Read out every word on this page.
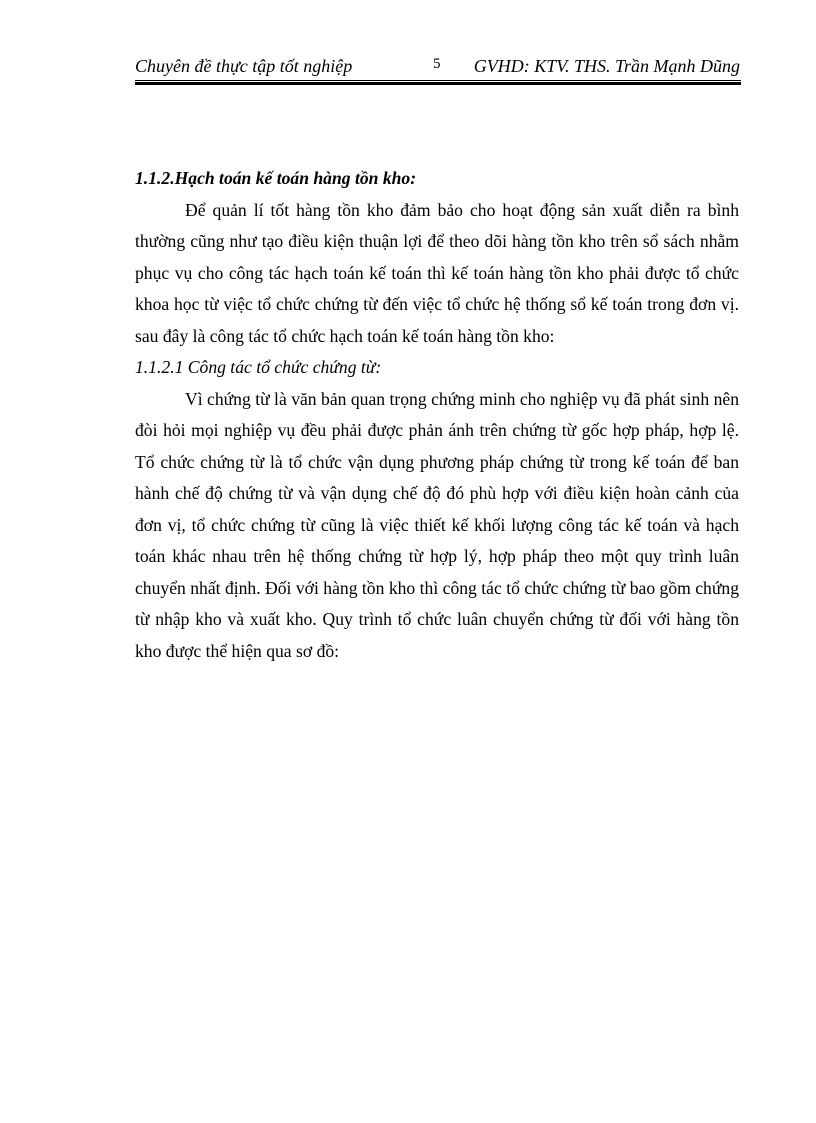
Chuyên đề thực tập tốt nghiệp	5 GVHD: KTV. THS. Trần Mạnh Dũng

1.1.2.Hạch toán kế toán hàng tồn kho:

Để quản lí tốt hàng tồn kho đảm bảo cho hoạt động sản xuất diễn ra bình thường cũng như tạo điều kiện thuận lợi để theo dõi hàng tồn kho trên sổ sách nhằm phục vụ cho công tác hạch toán kế toán thì kế toán hàng tồn kho phải được tổ chức khoa học từ việc tổ chức chứng từ đến việc tổ chức hệ thống sổ kế toán trong đơn vị. sau đây là công tác tổ chức hạch toán kế toán hàng tồn kho:

1.1.2.1 Công tác tổ chức chứng từ:

Vì chứng từ là văn bản quan trọng chứng minh cho nghiệp vụ đã phát sinh nên đòi hỏi mọi nghiệp vụ đều phải được phản ánh trên chứng từ gốc hợp pháp, hợp lệ. Tổ chức chứng từ là tổ chức vận dụng phương pháp chứng từ trong kế toán để ban hành chế độ chứng từ và vận dụng chế độ đó phù hợp với điều kiện hoàn cảnh của đơn vị, tổ chức chứng từ cũng là việc thiết kế khối lượng công tác kế toán và hạch toán khác nhau trên hệ thống chứng từ hợp lý, hợp pháp theo một quy trình luân chuyển nhất định. Đối với hàng tồn kho thì công tác tổ chức chứng từ bao gồm chứng từ nhập kho và xuất kho. Quy trình tổ chức luân chuyển chứng từ đối với hàng tồn kho được thể hiện qua sơ đồ:
